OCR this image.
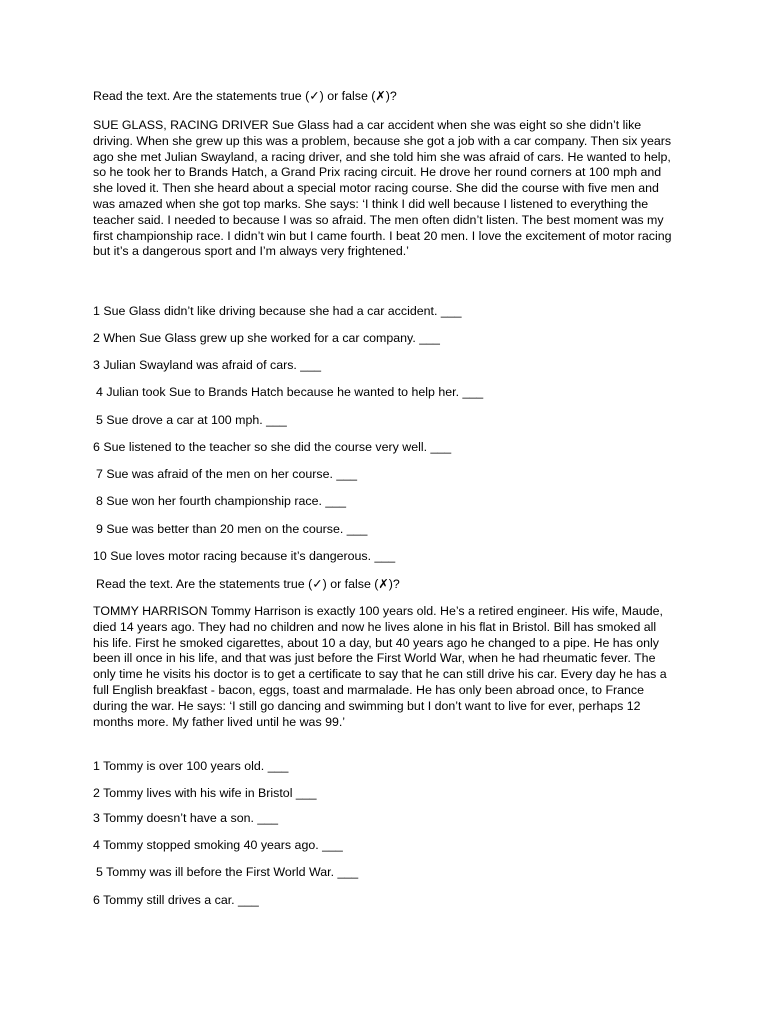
Read the text. Are the statements true (✓) or false (✗)?

SUE GLASS, RACING DRIVER Sue Glass had a car accident when she was eight so she didn’t like driving. When she grew up this was a problem, because she got a job with a car company. Then six years ago she met Julian Swayland, a racing driver, and she told him she was afraid of cars. He wanted to help, so he took her to Brands Hatch, a Grand Prix racing circuit. He drove her round corners at 100 mph and she loved it. Then she heard about a special motor racing course. She did the course with five men and was amazed when she got top marks. She says: ‘I think I did well because I listened to everything the teacher said. I needed to because I was so afraid. The men often didn’t listen. The best moment was my first championship race. I didn’t win but I came fourth. I beat 20 men. I love the excitement of motor racing but it’s a dangerous sport and I’m always very frightened.’

1 Sue Glass didn’t like driving because she had a car accident. ___
2 When Sue Glass grew up she worked for a car company. ___
3 Julian Swayland was afraid of cars. ___
4 Julian took Sue to Brands Hatch because he wanted to help her. ___
5 Sue drove a car at 100 mph. ___
6 Sue listened to the teacher so she did the course very well. ___
7 Sue was afraid of the men on her course. ___
8 Sue won her fourth championship race. ___
9 Sue was better than 20 men on the course. ___
10 Sue loves motor racing because it’s dangerous. ___
Read the text. Are the statements true (✓) or false (✗)?

TOMMY HARRISON Tommy Harrison is exactly 100 years old. He’s a retired engineer. His wife, Maude, died 14 years ago. They had no children and now he lives alone in his flat in Bristol. Bill has smoked all his life. First he smoked cigarettes, about 10 a day, but 40 years ago he changed to a pipe. He has only been ill once in his life, and that was just before the First World War, when he had rheumatic fever. The only time he visits his doctor is to get a certificate to say that he can still drive his car. Every day he has a full English breakfast - bacon, eggs, toast and marmalade. He has only been abroad once, to France during the war. He says: ‘I still go dancing and swimming but I don’t want to live for ever, perhaps 12 months more. My father lived until he was 99.’

1 Tommy is over 100 years old. ___
2 Tommy lives with his wife in Bristol ___
3 Tommy doesn’t have a son. ___
4 Tommy stopped smoking 40 years ago. ___
5 Tommy was ill before the First World War. ___
6 Tommy still drives a car. ___
